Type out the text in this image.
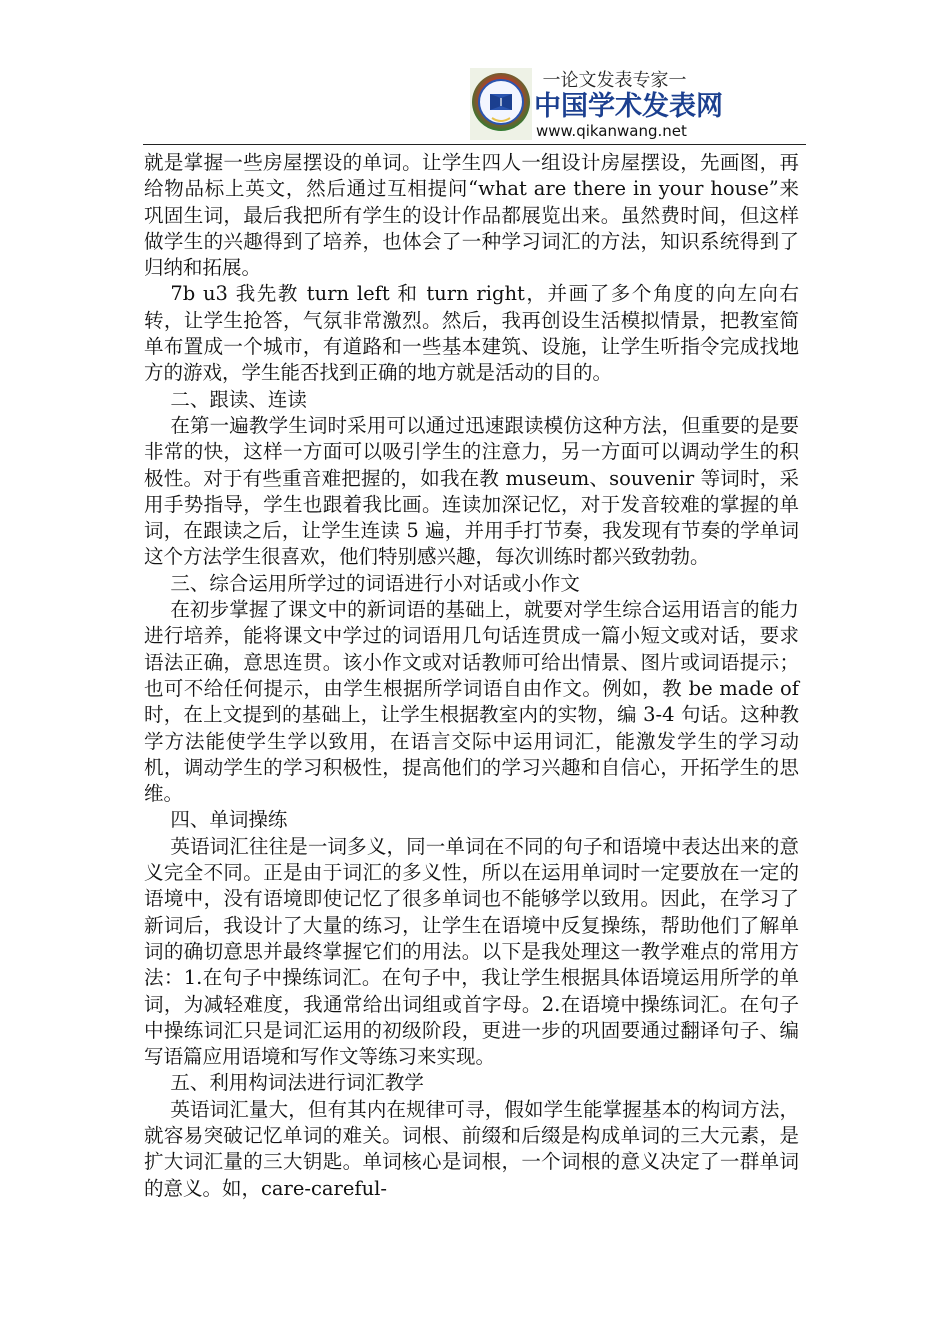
一论文发表专家一
中国学术发表网
www.qikanwang.net

就是掌握一些房屋摆设的单词。让学生四人一组设计房屋摆设，先画图，再给物品标上英文，然后通过互相提问“what are there in your house”来巩固生词，最后我把所有学生的设计作品都展览出来。虽然费时间，但这样做学生的兴趣得到了培养，也体会了一种学习词汇的方法，知识系统得到了归纳和拓展。

7b u3 我先教 turn left 和 turn right，并画了多个角度的向左向右转，让学生抢答，气氛非常激烈。然后，我再创设生活模拟情景，把教室简单布置成一个城市，有道路和一些基本建筑、设施，让学生听指令完成找地方的游戏，学生能否找到正确的地方就是活动的目的。

二、跟读、连读

在第一遍教学生词时采用可以通过迅速跟读模仿这种方法，但重要的是要非常的快，这样一方面可以吸引学生的注意力，另一方面可以调动学生的积极性。对于有些重音难把握的，如我在教 museum、souvenir 等词时，采用手势指导，学生也跟着我比画。连读加深记忆，对于发音较难的掌握的单词，在跟读之后，让学生连读 5 遍，并用手打节奏，我发现有节奏的学单词这个方法学生很喜欢，他们特别感兴趣，每次训练时都兴致勃勃。

三、综合运用所学过的词语进行小对话或小作文

在初步掌握了课文中的新词语的基础上，就要对学生综合运用语言的能力进行培养，能将课文中学过的词语用几句话连贯成一篇小短文或对话，要求语法正确，意思连贯。该小作文或对话教师可给出情景、图片或词语提示；也可不给任何提示，由学生根据所学词语自由作文。例如，教 be made of 时，在上文提到的基础上，让学生根据教室内的实物，编 3-4 句话。这种教学方法能使学生学以致用，在语言交际中运用词汇，能激发学生的学习动机，调动学生的学习积极性，提高他们的学习兴趣和自信心，开拓学生的思维。

四、单词操练

英语词汇往往是一词多义，同一单词在不同的句子和语境中表达出来的意义完全不同。正是由于词汇的多义性，所以在运用单词时一定要放在一定的语境中，没有语境即使记忆了很多单词也不能够学以致用。因此，在学习了新词后，我设计了大量的练习，让学生在语境中反复操练，帮助他们了解单词的确切意思并最终掌握它们的用法。以下是我处理这一教学难点的常用方法：1.在句子中操练词汇。在句子中，我让学生根据具体语境运用所学的单词，为减轻难度，我通常给出词组或首字母。2.在语境中操练词汇。在句子中操练词汇只是词汇运用的初级阶段，更进一步的巩固要通过翻译句子、编写语篇应用语境和写作文等练习来实现。

五、利用构词法进行词汇教学

英语词汇量大，但有其内在规律可寻，假如学生能掌握基本的构词方法，就容易突破记忆单词的难关。词根、前缀和后缀是构成单词的三大元素，是扩大词汇量的三大钥匙。单词核心是词根，一个词根的意义决定了一群单词的意义。如，care-careful-
